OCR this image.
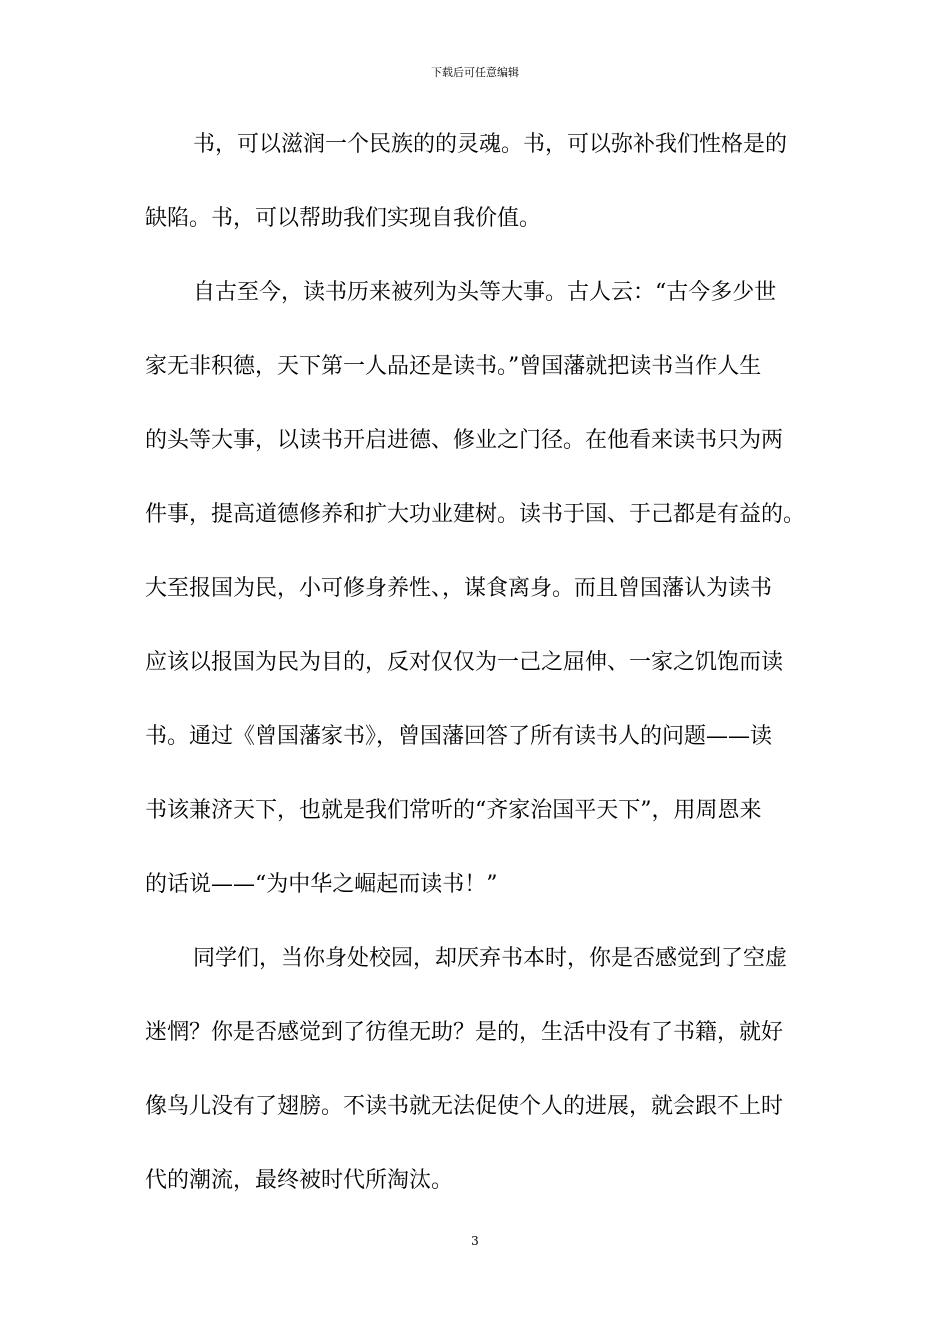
下载后可任意编辑
书，可以滋润一个民族的的灵魂。书，可以弥补我们性格是的
缺陷。书，可以帮助我们实现自我价值。
自古至今，读书历来被列为头等大事。古人云：“古今多少世
家无非积德，天下第一人品还是读书。”曾国藩就把读书当作人生
的头等大事，以读书开启进德、修业之门径。在他看来读书只为两
件事，提高道德修养和扩大功业建树。读书于国、于己都是有益的。
大至报国为民，小可修身养性、，谋食离身。而且曾国藩认为读书
应该以报国为民为目的，反对仅仅为一己之屈伸、一家之饥饱而读
书。通过《曾国藩家书》，曾国藩回答了所有读书人的问题——读
书该兼济天下，也就是我们常听的“齐家治国平天下”，用周恩来
的话说——“为中华之崛起而读书！”
同学们，当你身处校园，却厌弃书本时，你是否感觉到了空虚
迷惘？你是否感觉到了彷徨无助？是的，生活中没有了书籍，就好
像鸟儿没有了翅膀。不读书就无法促使个人的进展，就会跟不上时
代的潮流，最终被时代所淘汰。
3
